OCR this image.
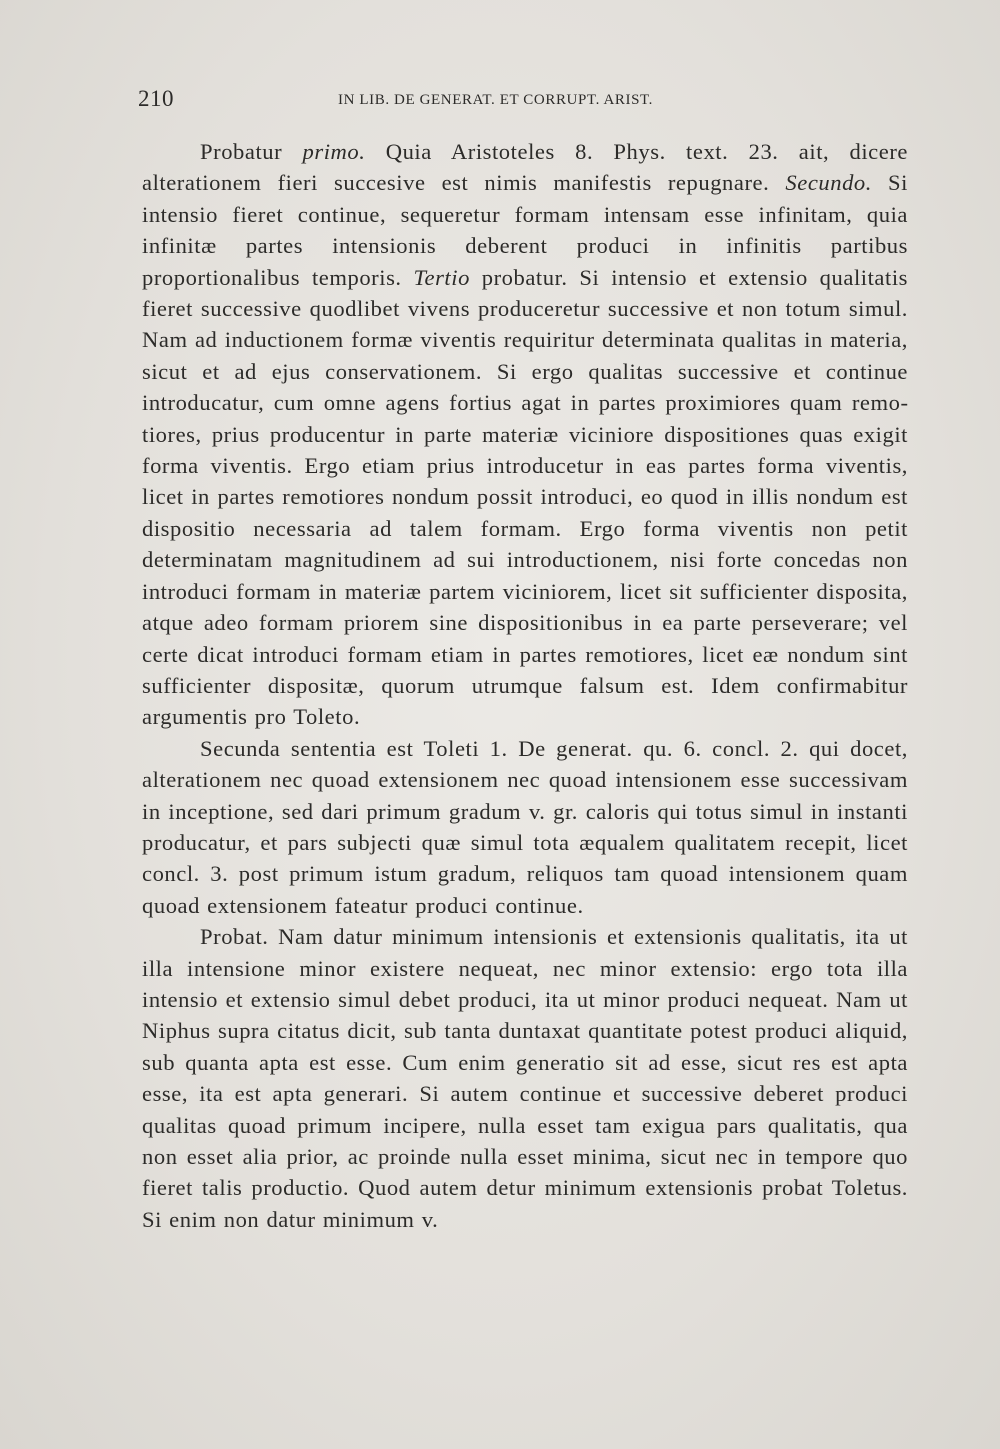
210	IN LIB. DE GENERAT. ET CORRUPT. ARIST.

Probatur primo. Quia Aristoteles 8. Phys. text. 23. ait, dicere alterationem fieri succesive est nimis manifestis repugnare. Secundo. Si intensio fieret continue, sequeretur formam intensam esse infinitam, quia infinitæ partes intensionis deberent produci in infinitis partibus proportionalibus temporis. Tertio probatur. Si intensio et extensio qualitatis fieret successive quodlibet vivens produceretur successive et non totum simul. Nam ad inductionem formæ viventis requiritur determinata qualitas in materia, sicut et ad ejus conservationem. Si ergo qualitas successive et continue introducatur, cum omne agens fortius agat in partes proximiores quam remotiores, prius producentur in parte materiæ viciniore dispositiones quas exigit forma viventis. Ergo etiam prius introducetur in eas partes forma viventis, licet in partes remotiores nondum possit introduci, eo quod in illis nondum est dispositio necessaria ad talem formam. Ergo forma viventis non petit determinatam magnitudinem ad sui introductionem, nisi forte concedas non introduci formam in materiæ partem viciniorem, licet sit sufficienter disposita, atque adeo formam priorem sine dispositionibus in ea parte perseverare; vel certe dicat introduci formam etiam in partes remotiores, licet eæ nondum sint sufficienter dispositæ, quorum utrumque falsum est. Idem confirmabitur argumentis pro Toleto.

Secunda sententia est Toleti 1. De generat. qu. 6. concl. 2. qui docet, alterationem nec quoad extensionem nec quoad intensionem esse successivam in inceptione, sed dari primum gradum v. gr. caloris qui totus simul in instanti producatur, et pars subjecti quæ simul tota æqualem qualitatem recepit, licet concl. 3. post primum istum gradum, reliquos tam quoad intensionem quam quoad extensionem fateatur produci continue.

Probat. Nam datur minimum intensionis et extensionis qualitatis, ita ut illa intensione minor existere nequeat, nec minor extensio: ergo tota illa intensio et extensio simul debet produci, ita ut minor produci nequeat. Nam ut Niphus supra citatus dicit, sub tanta duntaxat quantitate potest produci aliquid, sub quanta apta est esse. Cum enim generatio sit ad esse, sicut res est apta esse, ita est apta generari. Si autem continue et successive deberet produci qualitas quoad primum incipere, nulla esset tam exigua pars qualitatis, qua non esset alia prior, ac proinde nulla esset minima, sicut nec in tempore quo fieret talis productio. Quod autem detur minimum extensionis probat Toletus. Si enim non datur minimum v.
